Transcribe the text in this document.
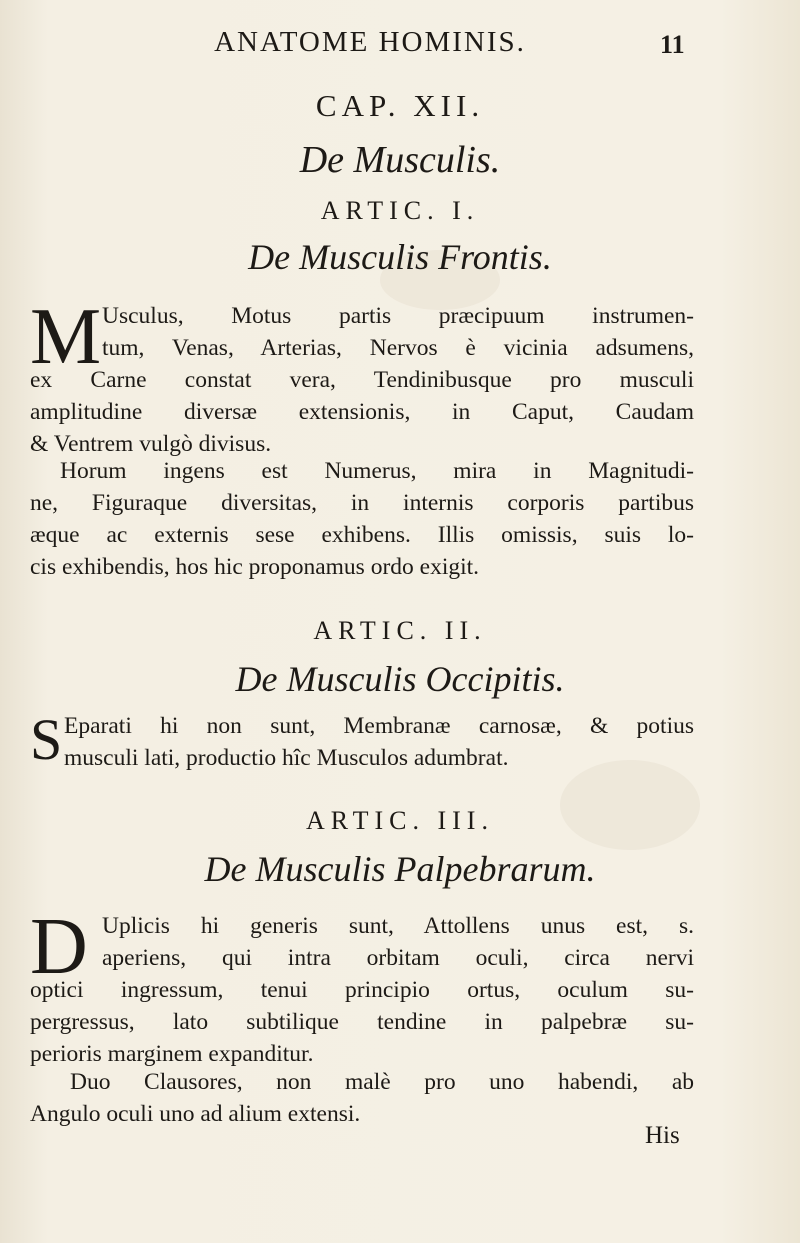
ANATOME HOMINIS.	11
CAP. XII.
De Musculis.
ARTIC. I.
De Musculis Frontis.
M Usculus, Motus partis præcipuum instrumen-
tum, Venas, Arterias, Nervos è vicinia adsumens,
ex Carne constat vera, Tendinibusque pro musculi
amplitudine diversæ extensionis, in Caput, Caudam
& Ventrem vulgò divisus.
Horum ingens est Numerus, mira in Magnitudi-
ne, Figuraque diversitas, in internis corporis partibus
æque ac externis sese exhibens. Illis omissis, suis lo-
cis exhibendis, hos hic proponamus ordo exigit.
ARTIC. II.
De Musculis Occipitis.
S Eparati hi non sunt, Membranæ carnosæ, & potius
musculi lati, productio hîc Musculos adumbrat.
ARTIC. III.
De Musculis Palpebrarum.
D Uplicis hi generis sunt, Attollens unus est, s.
aperiens, qui intra orbitam oculi, circa nervi
optici ingressum, tenui principio ortus, oculum su-
pergressus, lato subtilique tendine in palpebræ su-
perioris marginem expanditur.
Duo Clausores, non malè pro uno habendi, ab
Angulo oculi uno ad alium extensi.
His
